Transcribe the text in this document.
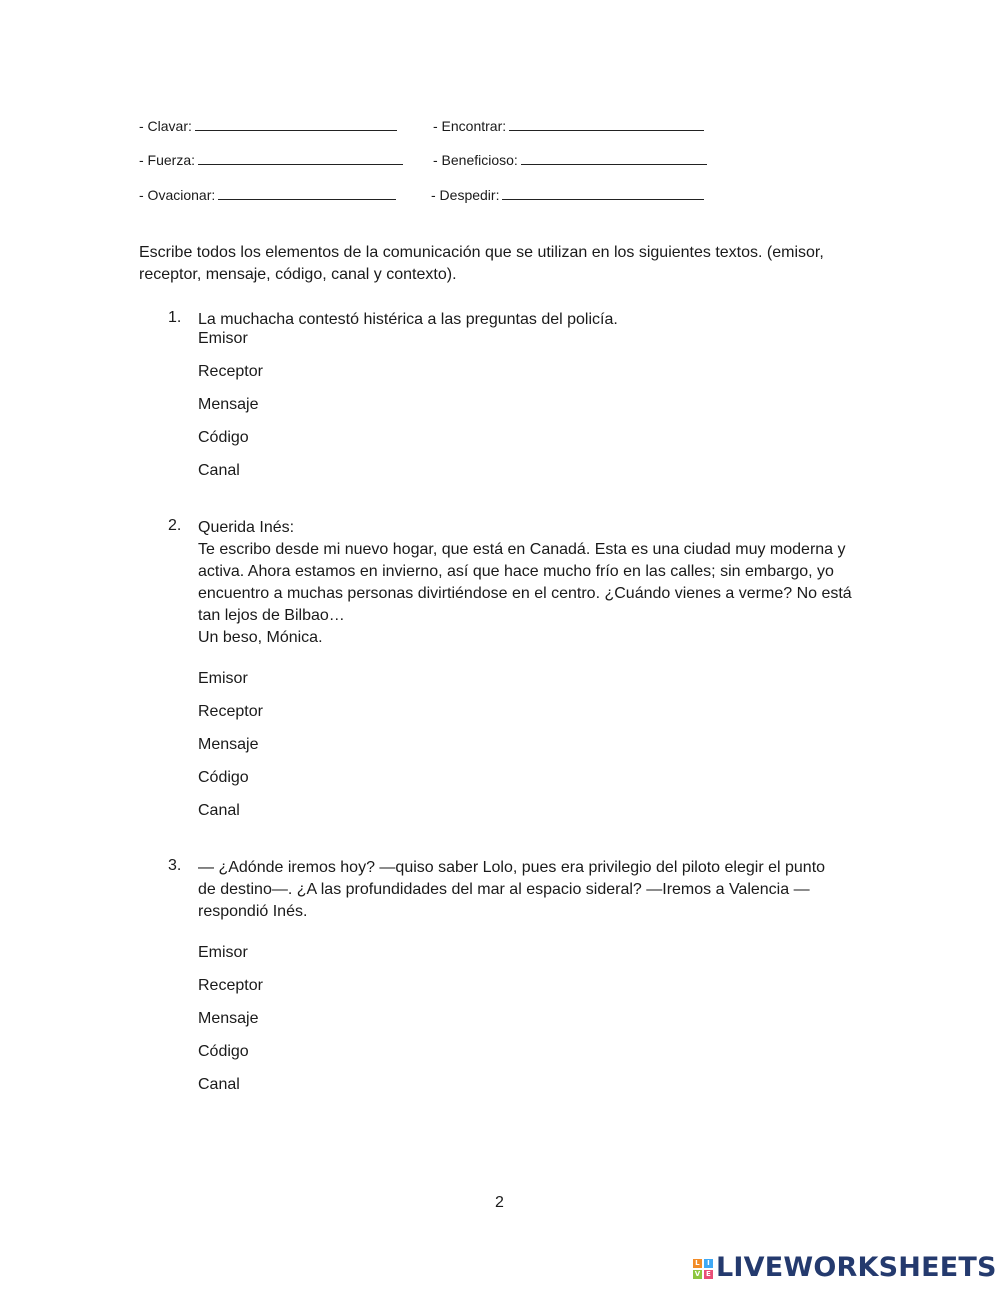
- Clavar:	- Encontrar:
- Fuerza:	- Beneficioso:
- Ovacionar:	- Despedir:
Escribe todos los elementos de la comunicación que se utilizan en los siguientes textos. (emisor, receptor, mensaje, código, canal y contexto).
1. La muchacha contestó histérica a las preguntas del policía.
Emisor
Receptor
Mensaje
Código
Canal
2. Querida Inés:
Te escribo desde mi nuevo hogar, que está en Canadá. Esta es una ciudad muy moderna y activa. Ahora estamos en invierno, así que hace mucho frío en las calles; sin embargo, yo encuentro a muchas personas divirtiéndose en el centro. ¿Cuándo vienes a verme? No está tan lejos de Bilbao…
Un beso, Mónica.
Emisor
Receptor
Mensaje
Código
Canal
3. — ¿Adónde iremos hoy? —quiso saber Lolo, pues era privilegio del piloto elegir el punto de destino—. ¿A las profundidades del mar al espacio sideral? —Iremos a Valencia —respondió Inés.
Emisor
Receptor
Mensaje
Código
Canal
2
L	I
V E LIVEWORKSHEETS
